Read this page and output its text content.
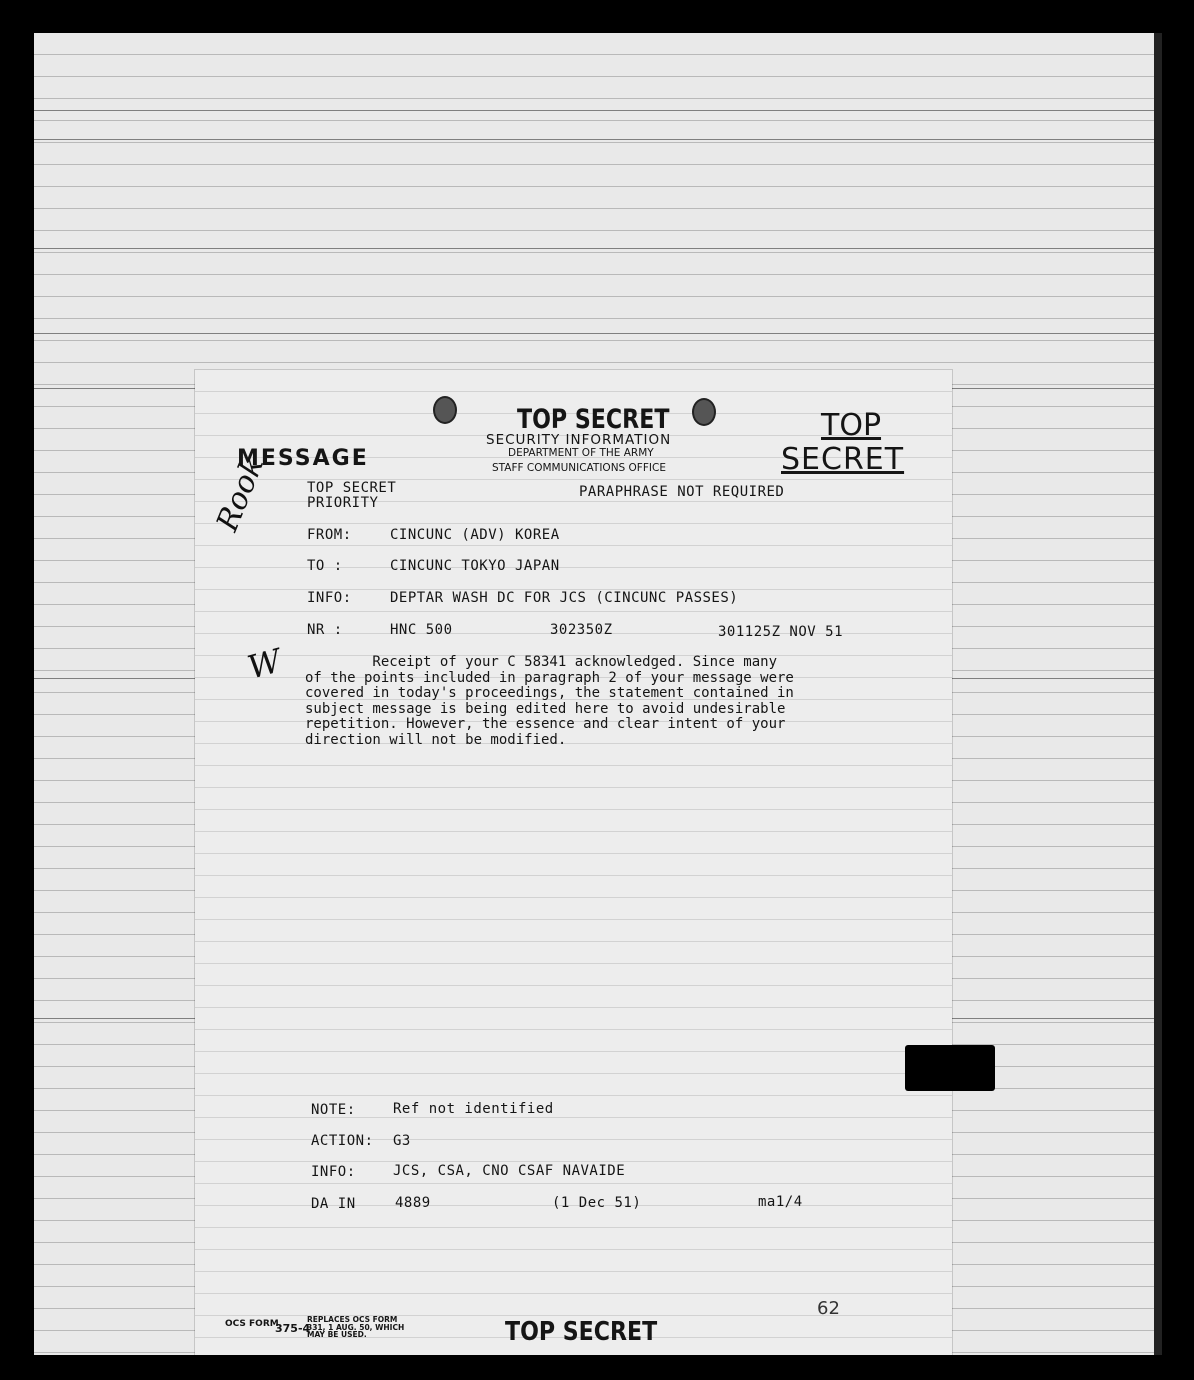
MESSAGE
TOP SECRET
SECURITY INFORMATION
DEPARTMENT OF THE ARMY
STAFF COMMUNICATIONS OFFICE
TOP
SECRET
TOP SECRET
PRIORITY
PARAPHRASE NOT REQUIRED
FROM:	CINCUNC (ADV) KOREA
TO :	CINCUNC TOKYO JAPAN
INFO:	DEPTAR WASH DC FOR JCS (CINCUNC PASSES)
NR :	HNC 500	302350Z	301125Z NOV 51
Receipt of your C 58341 acknowledged. Since many
of the points included in paragraph 2 of your message were
covered in today's proceedings, the statement contained in
subject message is being edited here to avoid undesirable
repetition. However, the essence and clear intent of your
direction will not be modified.
NOTE:	Ref not identified
ACTION: G3
INFO:	JCS, CSA, CNO CSAF NAVAIDE
DA IN	4889	(1 Dec 51)	ma1/4
OCS FORM
375-4
REPLACES OCS FORM
331, 1 AUG. 50, WHICH
MAY BE USED.	TOP SECRET
62
Rook
W
